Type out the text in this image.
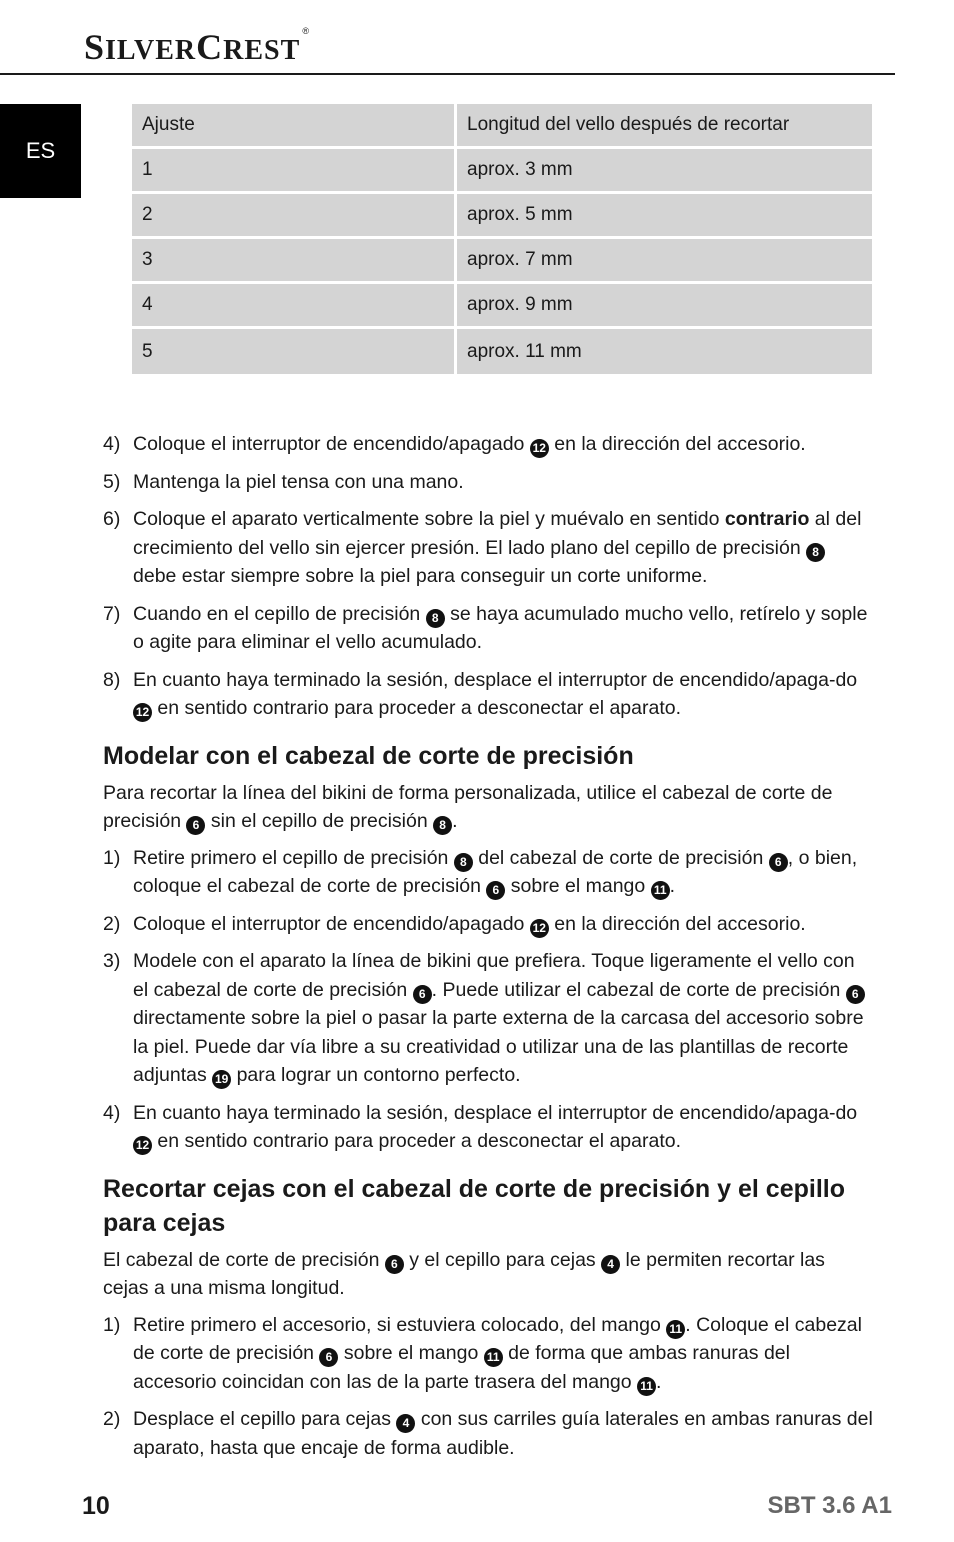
SILVERCREST®
ES
Ajuste	Longitud del vello después de recortar
1	aprox. 3 mm
2	aprox. 5 mm
3	aprox. 7 mm
4	aprox. 9 mm
5	aprox. 11 mm
4) Coloque el interruptor de encendido/apagado 12 en la dirección del accesorio.
5) Mantenga la piel tensa con una mano.
6) Coloque el aparato verticalmente sobre la piel y muévalo en sentido contrario al del crecimiento del vello sin ejercer presión. El lado plano del cepillo de precisión 8 debe estar siempre sobre la piel para conseguir un corte uniforme.
7) Cuando en el cepillo de precisión 8 se haya acumulado mucho vello, retírelo y sople o agite para eliminar el vello acumulado.
8) En cuanto haya terminado la sesión, desplace el interruptor de encendido/apaga-do 12 en sentido contrario para proceder a desconectar el aparato.
Modelar con el cabezal de corte de precisión

Para recortar la línea del bikini de forma personalizada, utilice el cabezal de corte de precisión 6 sin el cepillo de precisión 8 .

1) Retire primero el cepillo de precisión 8 del cabezal de corte de precisión 6 , o bien, coloque el cabezal de corte de precisión 6 sobre el mango 11 .
2) Coloque el interruptor de encendido/apagado 12 en la dirección del accesorio.
3) Modele con el aparato la línea de bikini que prefiera. Toque ligeramente el vello con el cabezal de corte de precisión 6 . Puede utilizar el cabezal de corte de precisión 6 directamente sobre la piel o pasar la parte externa de la carcasa del accesorio sobre la piel. Puede dar vía libre a su creatividad o utilizar una de las plantillas de recorte adjuntas 19 para lograr un contorno perfecto.
4) En cuanto haya terminado la sesión, desplace el interruptor de encendido/apaga-do 12 en sentido contrario para proceder a desconectar el aparato.
Recortar cejas con el cabezal de corte de precisión y el cepillo para cejas

El cabezal de corte de precisión 6 y el cepillo para cejas 4 le permiten recortar las cejas a una misma longitud.

1) Retire primero el accesorio, si estuviera colocado, del mango 11 . Coloque el cabezal de corte de precisión 6 sobre el mango 11 de forma que ambas ranuras del accesorio coincidan con las de la parte trasera del mango 11 .
2) Desplace el cepillo para cejas 4 con sus carriles guía laterales en ambas ranuras del aparato, hasta que encaje de forma audible.
10	SBT 3.6 A1
